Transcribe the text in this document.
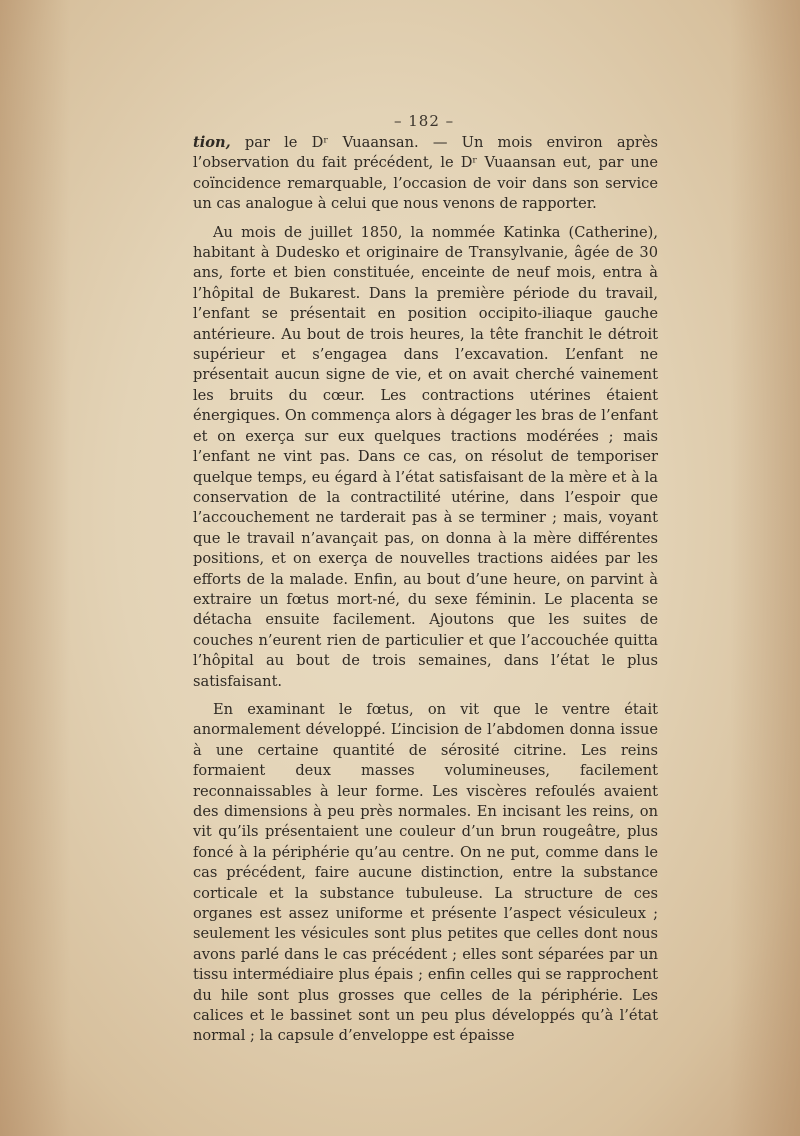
– 182 –

tion, par le Dʳ Vuaansan. — Un mois environ après l’observation du fait précédent, le Dʳ Vuaansan eut, par une coïncidence remarquable, l’occasion de voir dans son service un cas analogue à celui que nous venons de rapporter.

Au mois de juillet 1850, la nommée Katinka (Catherine), habitant à Dudesko et originaire de Transylvanie, âgée de 30 ans, forte et bien constituée, enceinte de neuf mois, entra à l’hôpital de Bukarest. Dans la première période du travail, l’enfant se présentait en position occipito-iliaque gauche antérieure. Au bout de trois heures, la tête franchit le détroit supérieur et s’engagea dans l’excavation. L’enfant ne présentait aucun signe de vie, et on avait cherché vainement les bruits du cœur. Les contractions utérines étaient énergiques. On commença alors à dégager les bras de l’enfant et on exerça sur eux quelques tractions modérées ; mais l’enfant ne vint pas. Dans ce cas, on résolut de temporiser quelque temps, eu égard à l’état satisfaisant de la mère et à la conservation de la contractilité utérine, dans l’espoir que l’accouchement ne tarderait pas à se terminer ; mais, voyant que le travail n’avançait pas, on donna à la mère différentes positions, et on exerça de nouvelles tractions aidées par les efforts de la malade. Enfin, au bout d’une heure, on parvint à extraire un fœtus mort-né, du sexe féminin. Le placenta se détacha ensuite facilement. Ajoutons que les suites de couches n’eurent rien de particulier et que l’accouchée quitta l’hôpital au bout de trois semaines, dans l’état le plus satisfaisant.

En examinant le fœtus, on vit que le ventre était anormalement développé. L’incision de l’abdomen donna issue à une certaine quantité de sérosité citrine. Les reins formaient deux masses volumineuses, facilement reconnaissables à leur forme. Les viscères refoulés avaient des dimensions à peu près normales. En incisant les reins, on vit qu’ils présentaient une couleur d’un brun rougeâtre, plus foncé à la périphérie qu’au centre. On ne put, comme dans le cas précédent, faire aucune distinction, entre la substance corticale et la substance tubuleuse. La structure de ces organes est assez uniforme et présente l’aspect vésiculeux ; seulement les vésicules sont plus petites que celles dont nous avons parlé dans le cas précédent ; elles sont séparées par un tissu intermédiaire plus épais ; enfin celles qui se rapprochent du hile sont plus grosses que celles de la périphérie. Les calices et le bassinet sont un peu plus développés qu’à l’état normal ; la capsule d’enveloppe est épaisse
